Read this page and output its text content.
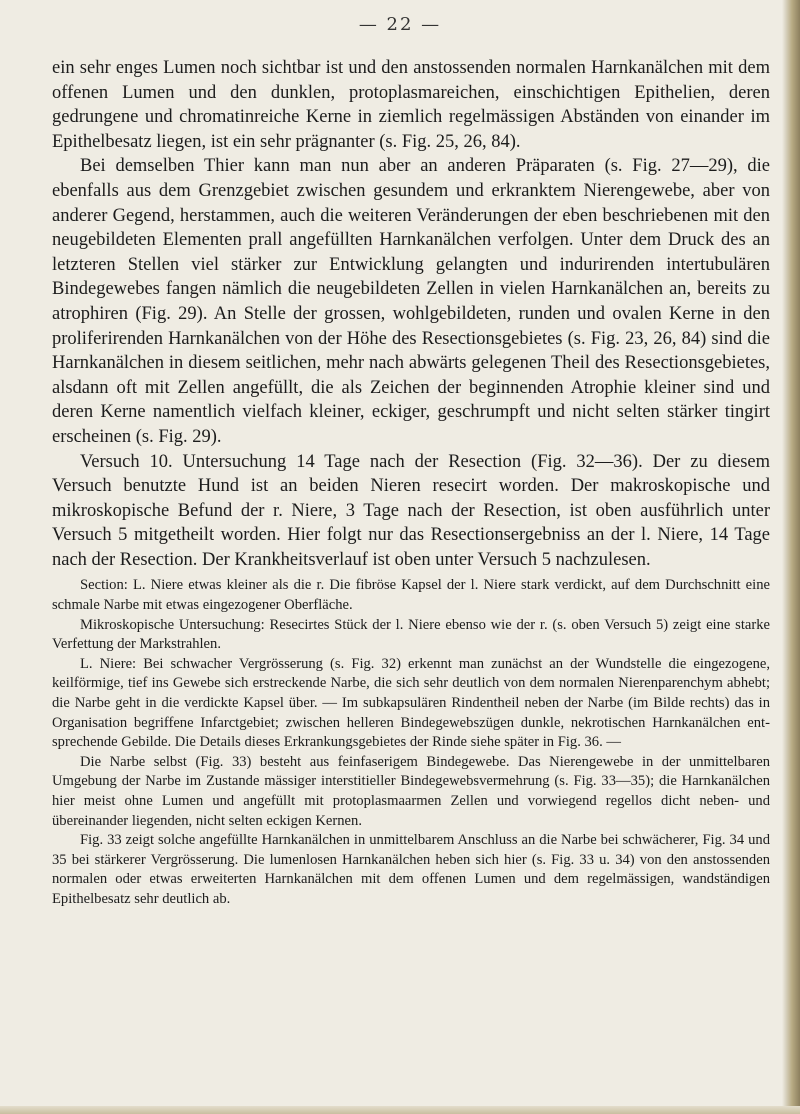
— 22 —

ein sehr enges Lumen noch sichtbar ist und den anstossenden normalen Harnkanälchen mit dem offenen Lumen und den dunklen, protoplasmareichen, einschichtigen Epithelien, deren gedrungene und chromatinreiche Kerne in ziemlich regelmässigen Abständen von einander im Epithelbesatz liegen, ist ein sehr prägnanter (s. Fig. 25, 26, 84).

Bei demselben Thier kann man nun aber an anderen Präparaten (s. Fig. 27—29), die ebenfalls aus dem Grenzgebiet zwischen gesundem und erkranktem Nierengewebe, aber von anderer Gegend, herstammen, auch die weiteren Veränderungen der eben beschriebenen mit den neugebildeten Elementen prall angefüllten Harnkanälchen verfolgen. Unter dem Druck des an letzteren Stellen viel stärker zur Entwicklung gelangten und indurirenden intertubulären Bindegewebes fangen nämlich die neugebildeten Zellen in vielen Harnkanälchen an, bereits zu atrophiren (Fig. 29). An Stelle der grossen, wohlgebildeten, runden und ovalen Kerne in den proliferirenden Harnkanälchen von der Höhe des Resectionsgebietes (s. Fig. 23, 26, 84) sind die Harnkanälchen in diesem seitlichen, mehr nach abwärts gelegenen Theil des Resectionsgebietes, alsdann oft mit Zellen angefüllt, die als Zeichen der beginnenden Atrophie kleiner sind und deren Kerne namentlich vielfach kleiner, eckiger, geschrumpft und nicht selten stärker tingirt erscheinen (s. Fig. 29).

Versuch 10. Untersuchung 14 Tage nach der Resection (Fig. 32—36). Der zu diesem Versuch benutzte Hund ist an beiden Nieren resecirt worden. Der makroskopische und mikroskopische Befund der r. Niere, 3 Tage nach der Resection, ist oben ausführlich unter Versuch 5 mitgetheilt worden. Hier folgt nur das Resectionsergebniss an der l. Niere, 14 Tage nach der Resection. Der Krankheitsverlauf ist oben unter Versuch 5 nachzulesen.

Section: L. Niere etwas kleiner als die r. Die fibröse Kapsel der l. Niere stark verdickt, auf dem Durchschnitt eine schmale Narbe mit etwas eingezogener Oberfläche.

Mikroskopische Untersuchung: Resecirtes Stück der l. Niere ebenso wie der r. (s. oben Versuch 5) zeigt eine starke Verfettung der Markstrahlen.

L. Niere: Bei schwacher Vergrösserung (s. Fig. 32) erkennt man zunächst an der Wundstelle die eingezogene, keilförmige, tief ins Gewebe sich erstreckende Narbe, die sich sehr deutlich von dem normalen Nierenparenchym abhebt; die Narbe geht in die verdickte Kapsel über. — Im subkapsulären Rindentheil neben der Narbe (im Bilde rechts) das in Organisation begriffene Infarctgebiet; zwischen helleren Bindegewebszügen dunkle, nekrotischen Harnkanälchen entsprechende Gebilde. Die Details dieses Erkrankungsgebietes der Rinde siehe später in Fig. 36. —

Die Narbe selbst (Fig. 33) besteht aus feinfaserigem Bindegewebe. Das Nierengewebe in der unmittelbaren Umgebung der Narbe im Zustande mässiger interstitieller Bindegewebsvermehrung (s. Fig. 33—35); die Harnkanälchen hier meist ohne Lumen und angefüllt mit protoplasmaarmen Zellen und vorwiegend regellos dicht neben- und übereinander liegenden, nicht selten eckigen Kernen.

Fig. 33 zeigt solche angefüllte Harnkanälchen in unmittelbarem Anschluss an die Narbe bei schwächerer, Fig. 34 und 35 bei stärkerer Vergrösserung. Die lumenlosen Harnkanälchen heben sich hier (s. Fig. 33 u. 34) von den anstossenden normalen oder etwas erweiterten Harnkanälchen mit dem offenen Lumen und dem regelmässigen, wandständigen Epithelbesatz sehr deutlich ab.
